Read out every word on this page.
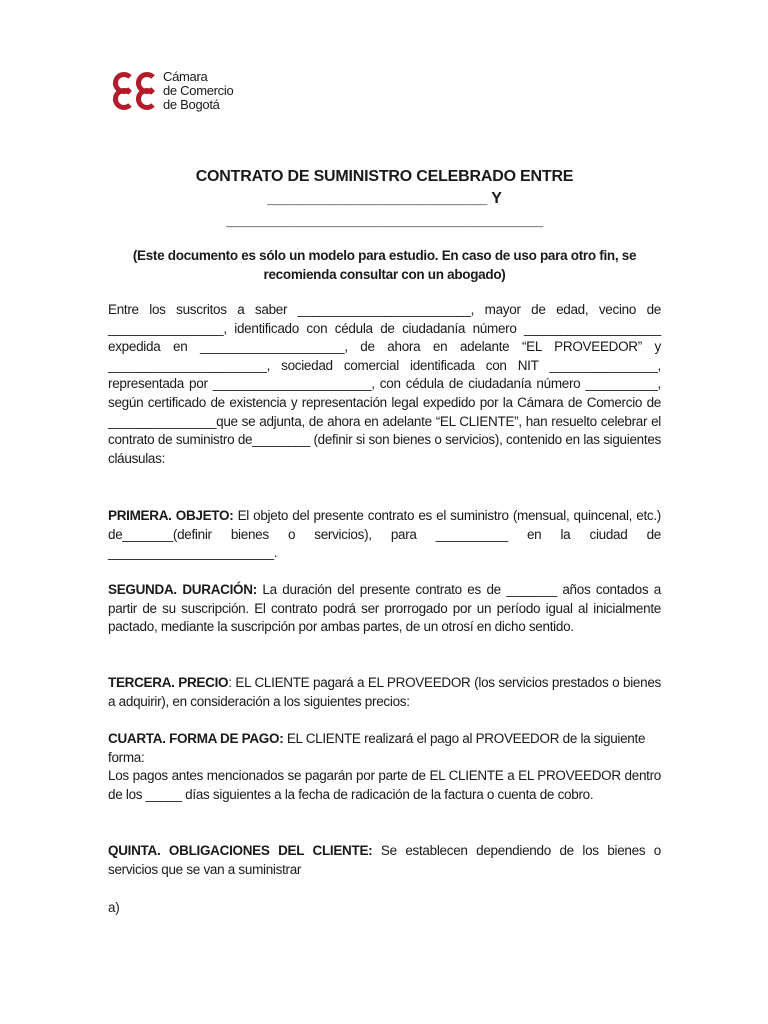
Cámara
de Comercio
de Bogotá
CONTRATO DE SUMINISTRO CELEBRADO ENTRE
_________________________ Y ____________________________________
(Este documento es sólo un modelo para estudio. En caso de uso para otro fin, se recomienda consultar con un abogado)
Entre los suscritos a saber ________________________, mayor de edad, vecino de ________________, identificado con cédula de ciudadanía número ___________________ expedida en ____________________, de ahora en adelante “EL PROVEEDOR” y ______________________, sociedad comercial identificada con NIT _______________, representada por ______________________, con cédula de ciudadanía número __________, según certificado de existencia y representación legal expedido por la Cámara de Comercio de _______________que se adjunta, de ahora en adelante “EL CLIENTE”, han resuelto celebrar el contrato de suministro de________ (definir si son bienes o servicios), contenido en las siguientes cláusulas:
PRIMERA. OBJETO: El objeto del presente contrato es el suministro (mensual, quincenal, etc.) de_______(definir bienes o servicios), para __________ en la ciudad de _______________________.
SEGUNDA. DURACIÓN: La duración del presente contrato es de _______ años contados a partir de su suscripción. El contrato podrá ser prorrogado por un período igual al inicialmente pactado, mediante la suscripción por ambas partes, de un otrosí en dicho sentido.
TERCERA. PRECIO: EL CLIENTE pagará a EL PROVEEDOR (los servicios prestados o bienes a adquirir), en consideración a los siguientes precios:
CUARTA. FORMA DE PAGO: EL CLIENTE realizará el pago al PROVEEDOR de la siguiente forma:
Los pagos antes mencionados se pagarán por parte de EL CLIENTE a EL PROVEEDOR dentro de los _____ días siguientes a la fecha de radicación de la factura o cuenta de cobro.
QUINTA. OBLIGACIONES DEL CLIENTE: Se establecen dependiendo de los bienes o servicios que se van a suministrar
a)
